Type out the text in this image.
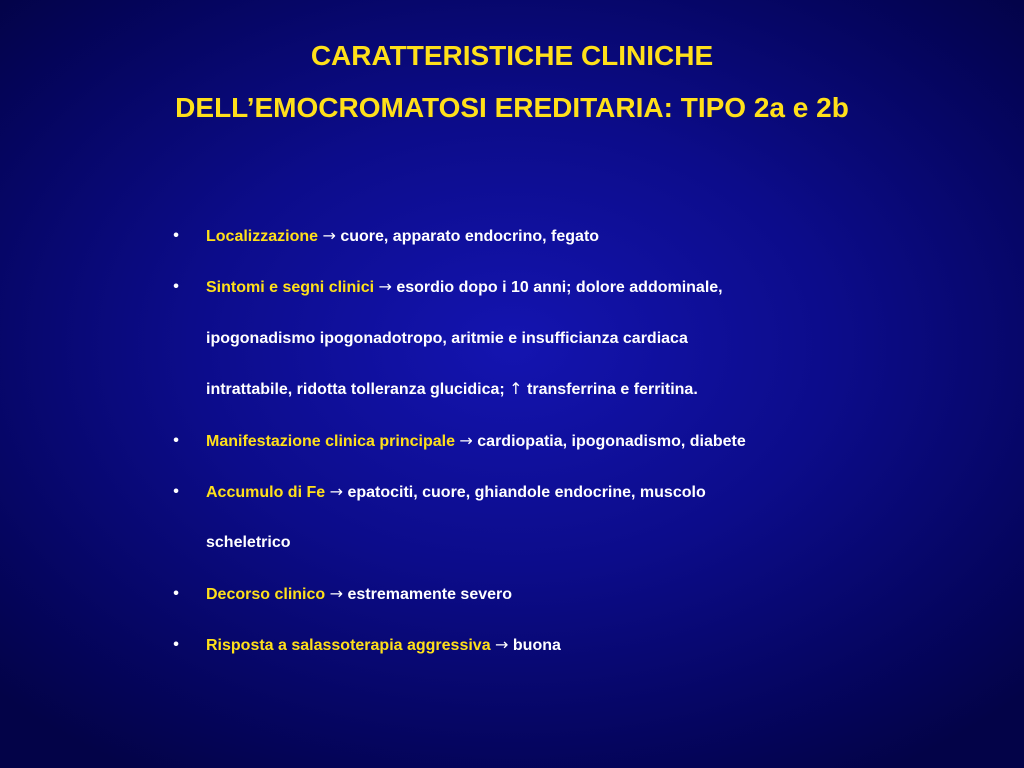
CARATTERISTICHE CLINICHE
DELL’EMOCROMATOSI EREDITARIA: TIPO 2a e 2b
• Localizzazione → cuore, apparato endocrino, fegato
• Sintomi e segni clinici → esordio dopo i 10 anni; dolore addominale,
ipogonadismo ipogonadotropo, aritmie e insufficianza cardiaca
intrattabile, ridotta tolleranza glucidica; ↑ transferrina e ferritina.
• Manifestazione clinica principale → cardiopatia, ipogonadismo, diabete
• Accumulo di Fe → epatociti, cuore, ghiandole endocrine, muscolo
scheletrico
• Decorso clinico → estremamente severo
• Risposta a salassoterapia aggressiva → buona
